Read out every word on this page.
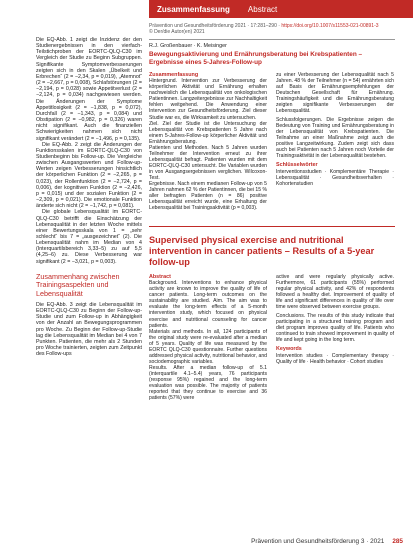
Zusammenfassung Abstract

Die EQ-Abb. 1 zeigt die Inzidenz der den Studienergebnissen in den vierfach-Teilstichproben der EORTC-QLQ-C30 im Vergleich der Studie zu Beginn Subgruppen. Signifikante Symptomverbesserungen zeigten sich in den Skalen „Übelkeit und Erbrechen“ (2 = −2,34, p = 0,019), „Atemnot“ (2 = −2,667, p = 0,008), Schlafstörungen (2 = −2,194, p = 0,028) sowie Appetitverlust (2 = −2,124, p = 0,034) nachgewiesen werden. Die Änderungen der Symptome Appetitlosigkeit (2 = −1,838, p = 0,072), Durchfall (2 = −1,343, p = 0,084) und Obstipation (2 = −0,982, p = 0,326) waren nicht signifikant. Auch die finanziellen Schwierigkeiten nahmen sich nicht signifikant verändert (2 = −1,496, p = 0,135).

Die EQ-Abb. 2 zeigt die Änderungen der Funktionsskalen im EORTC-QLQ-C30 von Studienbeginn bis Follow-up. Die Vergleiche zwischen Ausgangswerten und Follow-up-Werten zeigen Verbesserungen hinsichtlich der körperlichen Funktion (2 = −2,265, p = 0,023), der Rollenfunktion (2 = −2,724, p = 0,006), der kognitiven Funktion (2 = −2,426, p = 0,015) und der sozialen Funktion (2 = −2,309, p = 0,021). Die emotionale Funktion änderte sich nicht (2 = −1,742, p = 0,081).

Die globale Lebensqualität im EORTC-QLQ-C30 betrifft die Einschätzung der Lebensqualität in der letzten Woche mittels einer Bewertungsskala von 1 = „sehr schlecht“ bis 7 = „ausgezeichnet“ (2). Die Lebensqualität nahm im Median von 4 (Interquartilsbereich 3,33–5) zu auf 5,5 (4,25–6) zu. Diese Verbesserung war signifikant (2 = −3,021, p = 0,003).

Zusammenhang zwischen Trainingsaspekten und Lebensqualität

Die EQ-Abb. 3 zeigt die Lebensqualität im EORTC-QLQ-C30 zu Beginn der Follow-up-Studie und zum Follow-up in Abhängigkeit von der Anzahl an Bewegungsprogrammen pro Woche. Zu Beginn der Follow-up-Studie lag die Lebensqualität im Median bei 4 von 7 Punkten. Patienten, die mehr als 2 Stunden pro Woche trainierten, zeigten zum Zeitpunkt des Follow-ups

Prävention und Gesundheitsförderung 2021 · 17:281–290 · https://doi.org/10.1007/s11553-021-00891-3
© Der/die Autor(en) 2021
R.J. Großenbauer · K. Meisinger
Bewegungsaktivierung und Ernährungsberatung bei Krebspatienten – Ergebnisse eines 5-Jahres-Follow-up
Zusammenfassung

Hintergrund. Intervention zur Verbesserung der körperlichen Aktivität und Ernährung erhalten nachweislich die Lebensqualität von onkologischen Patientinnen. Langzeitergebnisse zur Nachhaltigkeit fehlen weitgehend. Die Anwendung einer Intervention zur Gesundheitsförderung. Ziel dieser Studie war es, die Wirksamkeit zu untersuchen.

Ziel. Ziel der Studie ist die Untersuchung der Lebensqualität von Krebspatienten 5 Jahre nach einem 5-Jahres-Follow-up körperlicher Aktivität und Ernährungsberatung.

Patienten und Methoden. Nach 5 Jahren wurden Teilnehmer der Intervention erneut zu ihrer Lebensqualität befragt. Patienten wurden mit dem EORTC-QLQ-C30 untersucht. Die Variablen wurden in von Ausgangsergebnissen verglichen. Wilcoxon-Test.

Ergebnisse. Nach einem medianen Follow-up von 5 Jahren nahmen 62 % der Patientinnen, die bei 15 % aller befragten Patienten (n = 86) positive Lebensqualität erreicht wurde, eine Erhaltung der Lebensqualität bei Trainingsaktivität (p = 0,003).

zu einer Verbesserung der Lebensqualität nach 5 Jahren. 48 % der Teilnehmer (n = 54) ernährten sich auf Basis der Ernährungsempfehlungen der Deutschen Gesellschaft für Ernährung. Trainingshäufigkeit und die Ernährungsberatung zeigten signifikante Verbesserungen der Lebensqualität.

Schlussfolgerungen. Die Ergebnisse zeigen die Bedeutung von Training und Ernährungsberatung in der Lebensqualität von Krebspatienten. Die Teilnahme an einer Maßnahme zeigt auch die positive Langzeitwirkung. Zudem zeigt sich dass auch bei Patienten nach 5 Jahren noch Vorteile der Trainingsaktivität in der Lebensqualität bestehen.

Schlüsselwörter

Interventionsstudien · Komplementäre Therapie · Lebensqualität · Gesundheitsverhalten · Kohortenstudien

Supervised physical exercise and nutritional intervention in cancer patients – Results of a 5-year follow-up
Abstract

Background. Interventions to enhance physical activity are known to improve the quality of life of cancer patients. Long-term outcomes on the sustainability are studied. Aim. The aim was to evaluate the long-term effects of a 5-month intervention study, which focused on physical exercise and nutritional counseling for cancer patients.

Materials and methods. In all, 124 participants of the original study were re-evaluated after a median of 5 years. Quality of life was measured by the EORTC QLQ-C30 questionnaire. Further questions addressed physical activity, nutritional behavior, and sociodemographic variables.

Results. After a median follow-up of 5.1 (interquartile 4.1–5.4) years, 76 participants (response 95%) regained and the long-term evaluation was possible. The majority of patients reported that they continue to exercise and 36 patients (57%) were

active and were regularly physically active. Furthermore, 61 participants (55%) performed regular physical activity, and 42% of respondents followed a healthy diet. Improvement of quality of life and significant differences in quality of life over time were observed between exercise groups.

Conclusions. The results of this study indicate that participating in a structured training program and diet program improves quality of life. Patients who continued to train showed improvement in quality of life and kept going in the long term.

Keywords

Intervention studies · Complementary therapy · Quality of life · Health behavior · Cohort studies

Prävention und Gesundheitsförderung 3 · 2021 285
